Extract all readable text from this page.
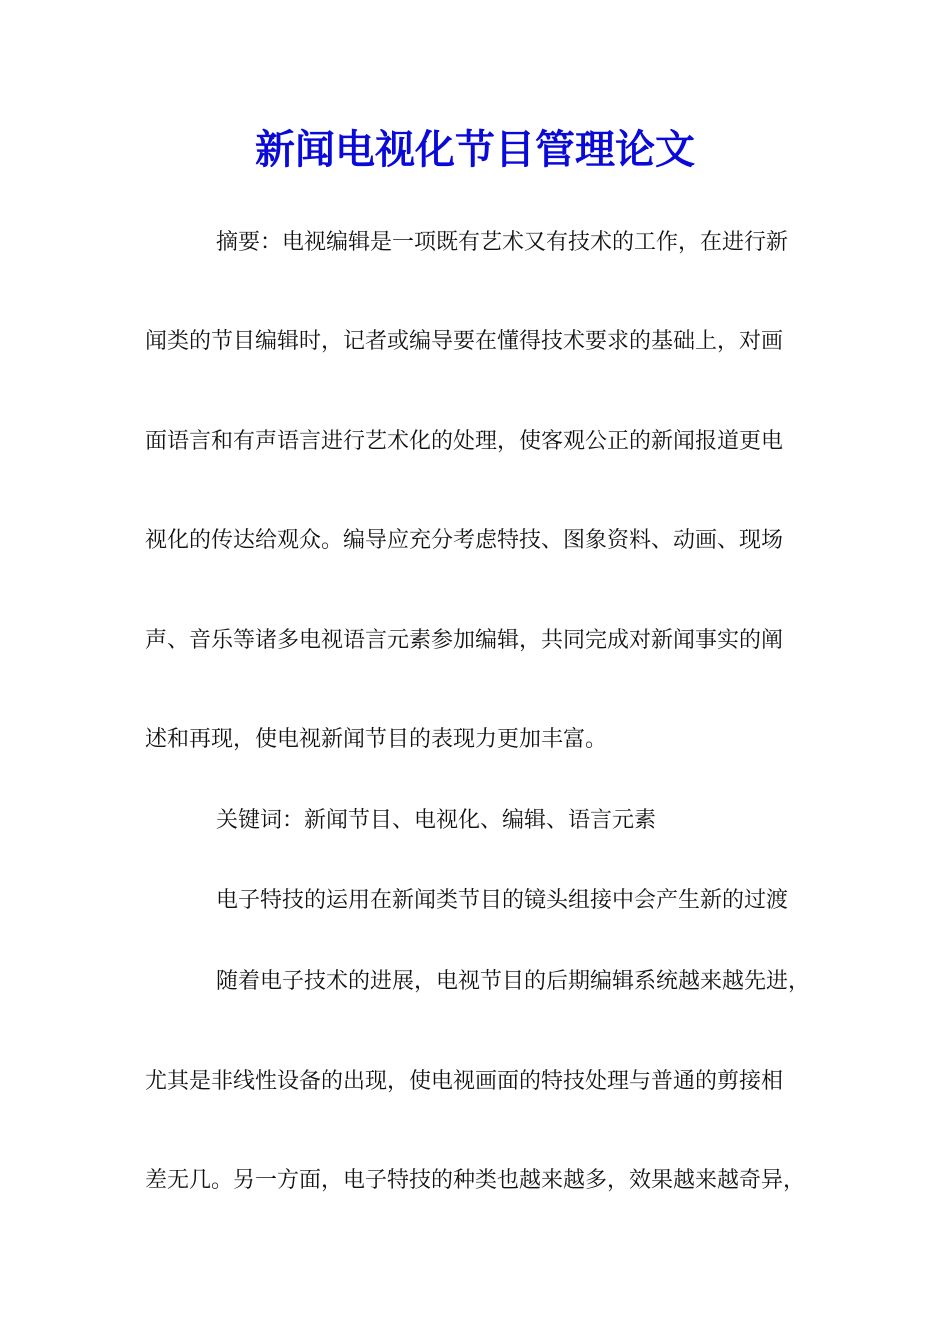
新闻电视化节目管理论文
摘要：电视编辑是一项既有艺术又有技术的工作，在进行新
闻类的节目编辑时，记者或编导要在懂得技术要求的基础上，对画
面语言和有声语言进行艺术化的处理，使客观公正的新闻报道更电
视化的传达给观众。编导应充分考虑特技、图象资料、动画、现场
声、音乐等诸多电视语言元素参加编辑，共同完成对新闻事实的阐
述和再现，使电视新闻节目的表现力更加丰富。
关键词：新闻节目、电视化、编辑、语言元素
电子特技的运用在新闻类节目的镜头组接中会产生新的过渡
随着电子技术的进展，电视节目的后期编辑系统越来越先进，
尤其是非线性设备的出现，使电视画面的特技处理与普通的剪接相
差无几。另一方面，电子特技的种类也越来越多，效果越来越奇异，
